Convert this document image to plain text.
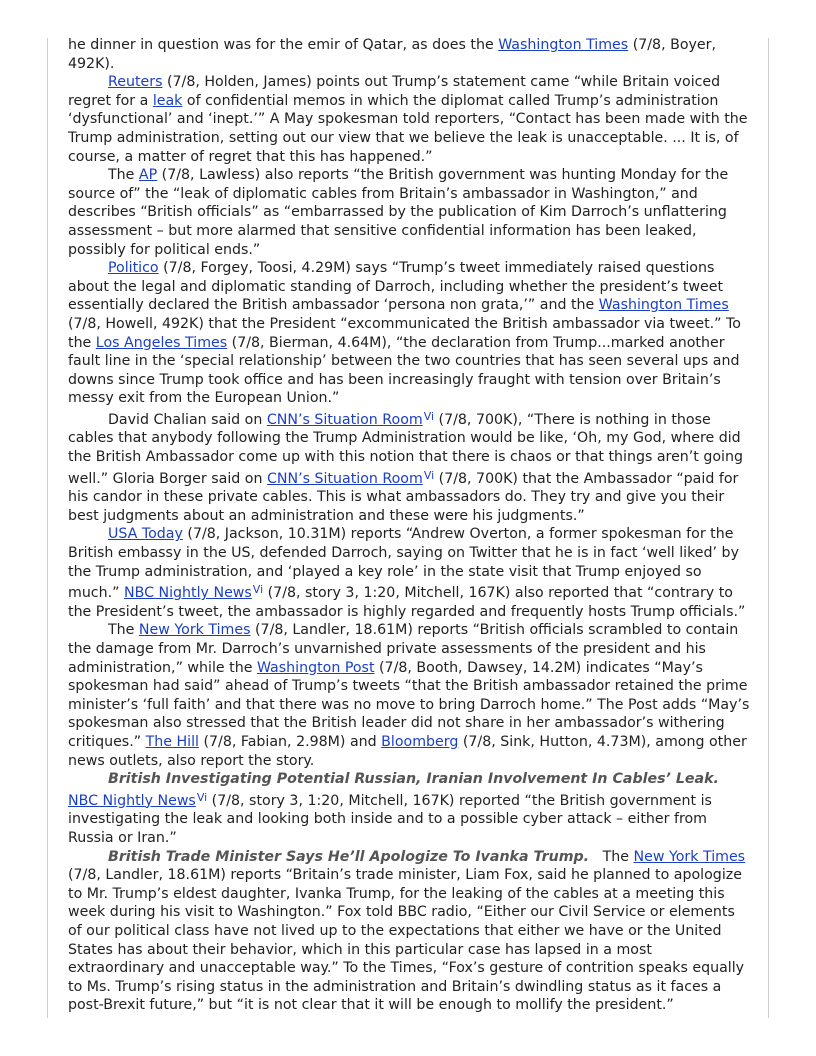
he dinner in question was for the emir of Qatar, as does the Washington Times (7/8, Boyer, 492K).

Reuters (7/8, Holden, James) points out Trump’s statement came “while Britain voiced regret for a leak of confidential memos in which the diplomat called Trump’s administration ‘dysfunctional’ and ‘inept.’” A May spokesman told reporters, “Contact has been made with the Trump administration, setting out our view that we believe the leak is unacceptable. ... It is, of course, a matter of regret that this has happened.”

The AP (7/8, Lawless) also reports “the British government was hunting Monday for the source of” the “leak of diplomatic cables from Britain’s ambassador in Washington,” and describes “British officials” as “embarrassed by the publication of Kim Darroch’s unflattering assessment – but more alarmed that sensitive confidential information has been leaked, possibly for political ends.”

Politico (7/8, Forgey, Toosi, 4.29M) says “Trump’s tweet immediately raised questions about the legal and diplomatic standing of Darroch, including whether the president’s tweet essentially declared the British ambassador ‘persona non grata,’” and the Washington Times (7/8, Howell, 492K) that the President “excommunicated the British ambassador via tweet.” To the Los Angeles Times (7/8, Bierman, 4.64M), “the declaration from Trump...marked another fault line in the ‘special relationship’ between the two countries that has seen several ups and downs since Trump took office and has been increasingly fraught with tension over Britain’s messy exit from the European Union.”

David Chalian said on CNN’s Situation Room$^{Vi}$ (7/8, 700K), “There is nothing in those cables that anybody following the Trump Administration would be like, ‘Oh, my God, where did the British Ambassador come up with this notion that there is chaos or that things aren’t going well.” Gloria Borger said on CNN’s Situation Room$^{Vi}$ (7/8, 700K) that the Ambassador “paid for his candor in these private cables. This is what ambassadors do. They try and give you their best judgments about an administration and these were his judgments.”

USA Today (7/8, Jackson, 10.31M) reports “Andrew Overton, a former spokesman for the British embassy in the US, defended Darroch, saying on Twitter that he is in fact ‘well liked’ by the Trump administration, and ‘played a key role’ in the state visit that Trump enjoyed so much.” NBC Nightly News$^{Vi}$ (7/8, story 3, 1:20, Mitchell, 167K) also reported that “contrary to the President’s tweet, the ambassador is highly regarded and frequently hosts Trump officials.”

The New York Times (7/8, Landler, 18.61M) reports “British officials scrambled to contain the damage from Mr. Darroch’s unvarnished private assessments of the president and his administration,” while the Washington Post (7/8, Booth, Dawsey, 14.2M) indicates “May’s spokesman had said” ahead of Trump’s tweets “that the British ambassador retained the prime minister’s ‘full faith’ and that there was no move to bring Darroch home.” The Post adds “May’s spokesman also stressed that the British leader did not share in her ambassador’s withering critiques.” The Hill (7/8, Fabian, 2.98M) and Bloomberg (7/8, Sink, Hutton, 4.73M), among other news outlets, also report the story.

British Investigating Potential Russian, Iranian Involvement In Cables’ Leak.

NBC Nightly News$^{Vi}$ (7/8, story 3, 1:20, Mitchell, 167K) reported “the British government is investigating the leak and looking both inside and to a possible cyber attack – either from Russia or Iran.”

British Trade Minister Says He’ll Apologize To Ivanka Trump.   The New York Times (7/8, Landler, 18.61M) reports “Britain’s trade minister, Liam Fox, said he planned to apologize to Mr. Trump’s eldest daughter, Ivanka Trump, for the leaking of the cables at a meeting this week during his visit to Washington.” Fox told BBC radio, “Either our Civil Service or elements of our political class have not lived up to the expectations that either we have or the United States has about their behavior, which in this particular case has lapsed in a most extraordinary and unacceptable way.” To the Times, “Fox’s gesture of contrition speaks equally to Ms. Trump’s rising status in the administration and Britain’s dwindling status as it faces a post-Brexit future,” but “it is not clear that it will be enough to mollify the president.”
